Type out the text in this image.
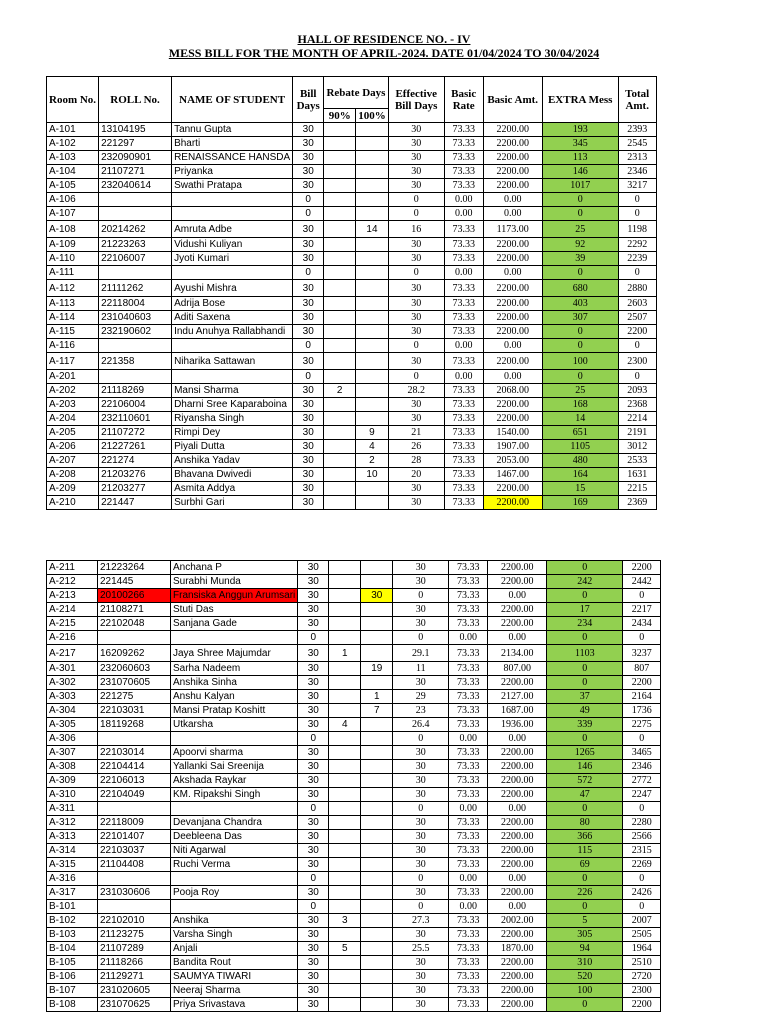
HALL OF RESIDENCE NO. - IV
MESS BILL FOR THE MONTH OF APRIL-2024. DATE 01/04/2024 TO 30/04/2024
Room No.	ROLL No.	NAME OF STUDENT	Bill Days	Rebate Days		Effective Bill Days	Basic Rate	Basic Amt.	EXTRA Mess	Total Amt.
				90%	100%					
A-101	13104195	Tannu Gupta	30			30	73.33	2200.00	193	2393
A-102	221297	Bharti	30			30	73.33	2200.00	345	2545
A-103	232090901	RENAISSANCE HANSDA	30			30	73.33	2200.00	113	2313
A-104	21107271	Priyanka	30			30	73.33	2200.00	146	2346
A-105	232040614	Swathi Pratapa	30			30	73.33	2200.00	1017	3217
A-106			0			0	0.00	0.00	0	0
A-107			0			0	0.00	0.00	0	0
A-108	20214262	Amruta Adbe	30		14	16	73.33	1173.00	25	1198
A-109	21223263	Vidushi Kuliyan	30			30	73.33	2200.00	92	2292
A-110	22106007	Jyoti Kumari	30			30	73.33	2200.00	39	2239
A-111			0			0	0.00	0.00	0	0
A-112	21111262	Ayushi Mishra	30			30	73.33	2200.00	680	2880
A-113	22118004	Adrija Bose	30			30	73.33	2200.00	403	2603
A-114	231040603	Aditi Saxena	30			30	73.33	2200.00	307	2507
A-115	232190602	Indu Anuhya Rallabhandi	30			30	73.33	2200.00	0	2200
A-116			0			0	0.00	0.00	0	0
A-117	221358	Niharika Sattawan	30			30	73.33	2200.00	100	2300
A-201			0			0	0.00	0.00	0	0
A-202	21118269	Mansi Sharma	30	2		28.2	73.33	2068.00	25	2093
A-203	22106004	Dharni Sree Kaparaboina	30			30	73.33	2200.00	168	2368
A-204	232110601	Riyansha Singh	30			30	73.33	2200.00	14	2214
A-205	21107272	Rimpi Dey	30		9	21	73.33	1540.00	651	2191
A-206	21227261	Piyali Dutta	30		4	26	73.33	1907.00	1105	3012
A-207	221274	Anshika Yadav	30		2	28	73.33	2053.00	480	2533
A-208	21203276	Bhavana Dwivedi	30		10	20	73.33	1467.00	164	1631
A-209	21203277	Asmita Addya	30			30	73.33	2200.00	15	2215
A-210	221447	Surbhi Gari	30			30	73.33	2200.00	169	2369
A-211	21223264	Anchana P	30			30	73.33	2200.00	0	2200
A-212	221445	Surabhi Munda	30			30	73.33	2200.00	242	2442
A-213	20100266	Fransiska Anggun Arumsari	30		30	0	73.33	0.00	0	0
A-214	21108271	Stuti Das	30			30	73.33	2200.00	17	2217
A-215	22102048	Sanjana Gade	30			30	73.33	2200.00	234	2434
A-216			0			0	0.00	0.00	0	0
A-217	16209262	Jaya Shree Majumdar	30	1		29.1	73.33	2134.00	1103	3237
A-301	232060603	Sarha Nadeem	30		19	11	73.33	807.00	0	807
A-302	231070605	Anshika Sinha	30			30	73.33	2200.00	0	2200
A-303	221275	Anshu Kalyan	30		1	29	73.33	2127.00	37	2164
A-304	22103031	Mansi Pratap Koshitt	30		7	23	73.33	1687.00	49	1736
A-305	18119268	Utkarsha	30	4		26.4	73.33	1936.00	339	2275
A-306			0			0	0.00	0.00	0	0
A-307	22103014	Apoorvi sharma	30			30	73.33	2200.00	1265	3465
A-308	22104414	Yallanki Sai Sreenija	30			30	73.33	2200.00	146	2346
A-309	22106013	Akshada Raykar	30			30	73.33	2200.00	572	2772
A-310	22104049	KM. Ripakshi Singh	30			30	73.33	2200.00	47	2247
A-311			0			0	0.00	0.00	0	0
A-312	22118009	Devanjana Chandra	30			30	73.33	2200.00	80	2280
A-313	22101407	Deebleena Das	30			30	73.33	2200.00	366	2566
A-314	22103037	Niti Agarwal	30			30	73.33	2200.00	115	2315
A-315	21104408	Ruchi Verma	30			30	73.33	2200.00	69	2269
A-316			0			0	0.00	0.00	0	0
A-317	231030606	Pooja Roy	30			30	73.33	2200.00	226	2426
B-101			0			0	0.00	0.00	0	0
B-102	22102010	Anshika	30	3		27.3	73.33	2002.00	5	2007
B-103	21123275	Varsha Singh	30			30	73.33	2200.00	305	2505
B-104	21107289	Anjali	30	5		25.5	73.33	1870.00	94	1964
B-105	21118266	Bandita Rout	30			30	73.33	2200.00	310	2510
B-106	21129271	SAUMYA TIWARI	30			30	73.33	2200.00	520	2720
B-107	231020605	Neeraj Sharma	30			30	73.33	2200.00	100	2300
B-108	231070625	Priya Srivastava	30			30	73.33	2200.00	0	2200
